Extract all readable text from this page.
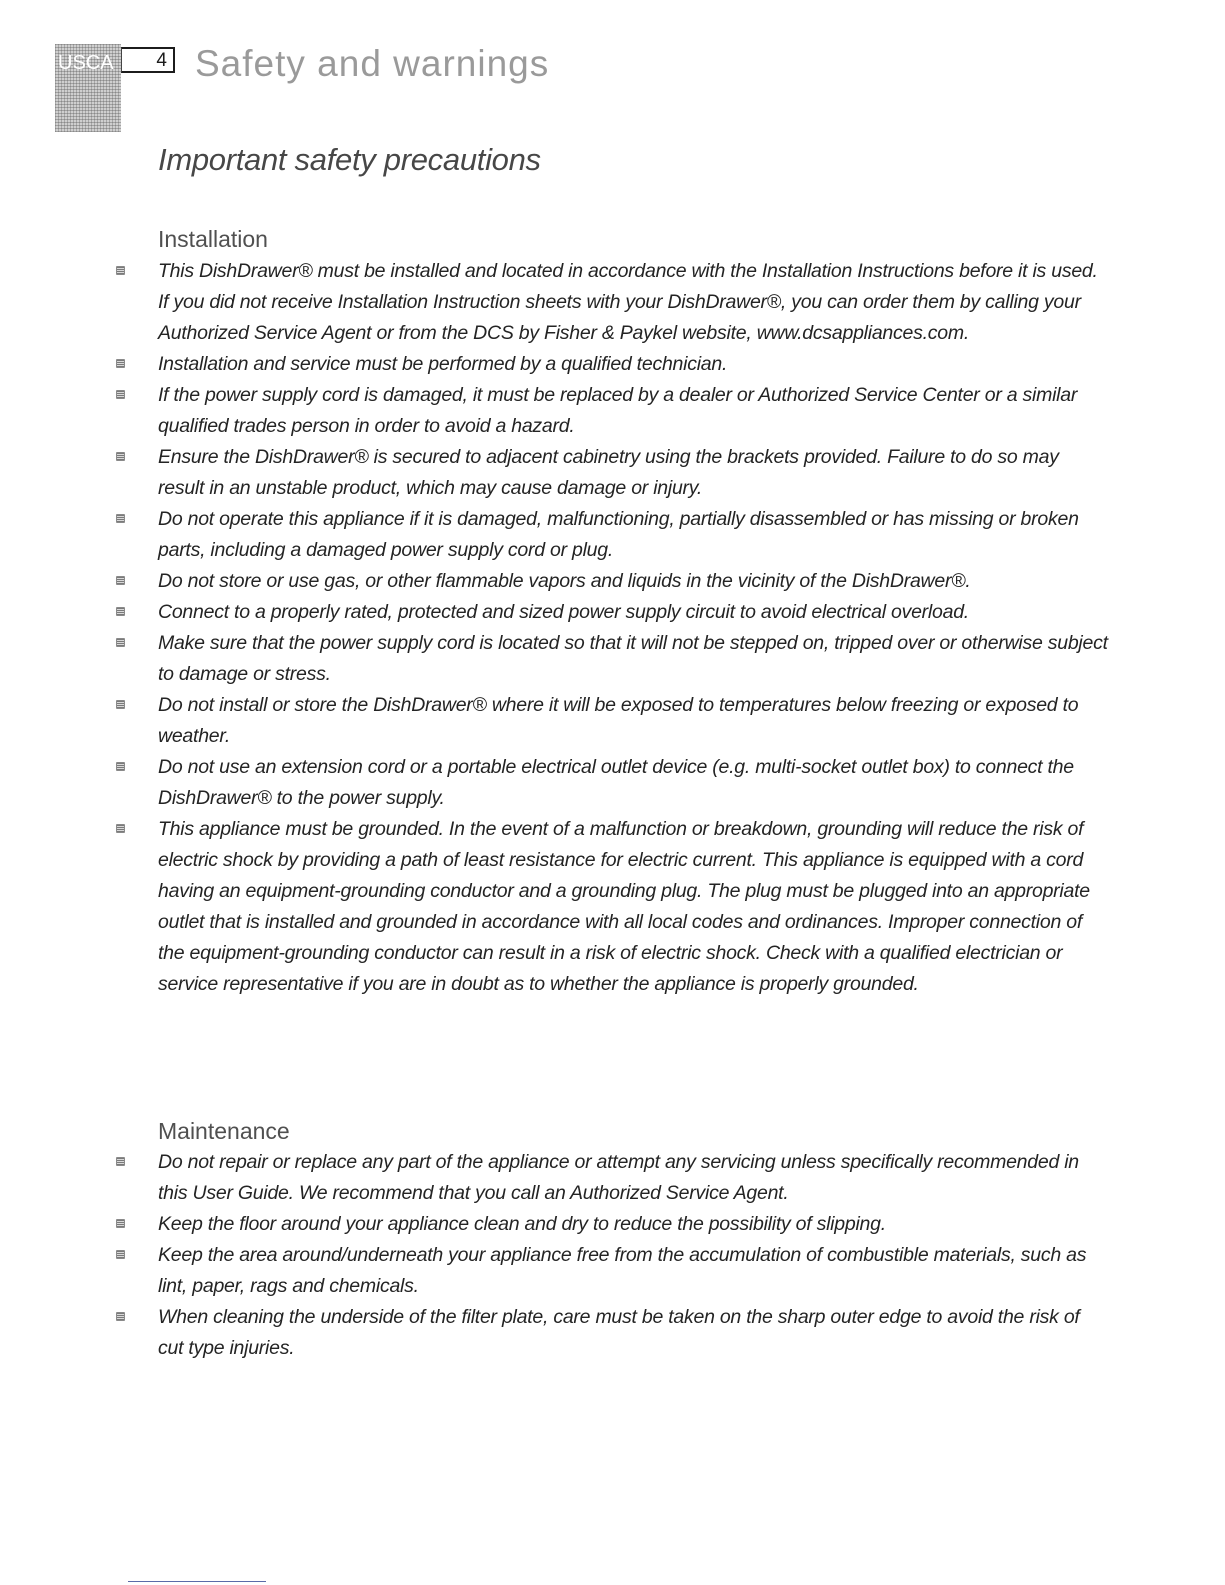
USCA 4 Safety and warnings
Important safety precautions
Installation
This DishDrawer® must be installed and located in accordance with the Installation Instructions before it is used. If you did not receive Installation Instruction sheets with your DishDrawer®, you can order them by calling your Authorized Service Agent or from the DCS by Fisher & Paykel website, www.dcsappliances.com.
Installation and service must be performed by a qualified technician.
If the power supply cord is damaged, it must be replaced by a dealer or Authorized Service Center or a similar qualified trades person in order to avoid a hazard.
Ensure the DishDrawer® is secured to adjacent cabinetry using the brackets provided. Failure to do so may result in an unstable product, which may cause damage or injury.
Do not operate this appliance if it is damaged, malfunctioning, partially disassembled or has missing or broken parts, including a damaged power supply cord or plug.
Do not store or use gas, or other flammable vapors and liquids in the vicinity of the DishDrawer®.
Connect to a properly rated, protected and sized power supply circuit to avoid electrical overload.
Make sure that the power supply cord is located so that it will not be stepped on, tripped over or otherwise subject to damage or stress.
Do not install or store the DishDrawer® where it will be exposed to temperatures below freezing or exposed to weather.
Do not use an extension cord or a portable electrical outlet device (e.g. multi-socket outlet box) to connect the DishDrawer® to the power supply.
This appliance must be grounded. In the event of a malfunction or breakdown, grounding will reduce the risk of electric shock by providing a path of least resistance for electric current. This appliance is equipped with a cord having an equipment-grounding conductor and a grounding plug. The plug must be plugged into an appropriate outlet that is installed and grounded in accordance with all local codes and ordinances. Improper connection of the equipment-grounding conductor can result in a risk of electric shock. Check with a qualified electrician or service representative if you are in doubt as to whether the appliance is properly grounded.
Maintenance
Do not repair or replace any part of the appliance or attempt any servicing unless specifically recommended in this User Guide. We recommend that you call an Authorized Service Agent.
Keep the floor around your appliance clean and dry to reduce the possibility of slipping.
Keep the area around/underneath your appliance free from the accumulation of combustible materials, such as lint, paper, rags and chemicals.
When cleaning the underside of the filter plate, care must be taken on the sharp outer edge to avoid the risk of cut type injuries.
